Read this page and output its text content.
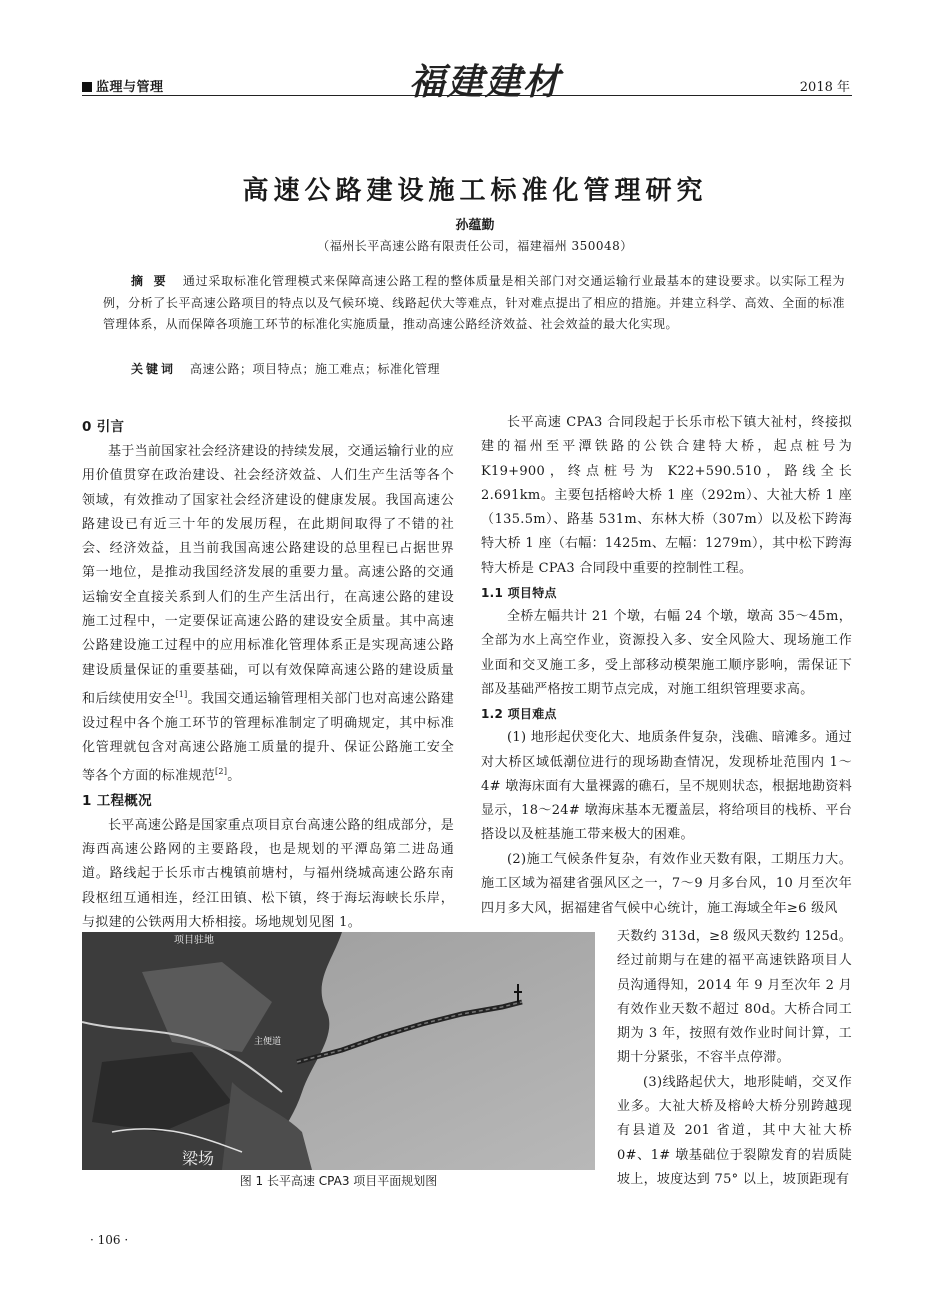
监理与管理	福建建材	2018 年
高速公路建设施工标准化管理研究
孙蕴勤
（福州长平高速公路有限责任公司，福建福州 350048）
摘 要 通过采取标准化管理模式来保障高速公路工程的整体质量是相关部门对交通运输行业最基本的建设要求。以实际工程为例，分析了长平高速公路项目的特点以及气候环境、线路起伏大等难点，针对难点提出了相应的措施。并建立科学、高效、全面的标准管理体系，从而保障各项施工环节的标准化实施质量，推动高速公路经济效益、社会效益的最大化实现。
关键词 高速公路；项目特点；施工难点；标准化管理
0 引言

基于当前国家社会经济建设的持续发展，交通运输行业的应用价值贯穿在政治建设、社会经济效益、人们生产生活等各个领域，有效推动了国家社会经济建设的健康发展。我国高速公路建设已有近三十年的发展历程，在此期间取得了不错的社会、经济效益，且当前我国高速公路建设的总里程已占据世界第一地位，是推动我国经济发展的重要力量。高速公路的交通运输安全直接关系到人们的生产生活出行，在高速公路的建设施工过程中，一定要保证高速公路的建设安全质量。其中高速公路建设施工过程中的应用标准化管理体系正是实现高速公路建设质量保证的重要基础，可以有效保障高速公路的建设质量和后续使用安全[1]。我国交通运输管理相关部门也对高速公路建设过程中各个施工环节的管理标准制定了明确规定，其中标准化管理就包含对高速公路施工质量的提升、保证公路施工安全等各个方面的标准规范[2]。

1 工程概况

长平高速公路是国家重点项目京台高速公路的组成部分，是海西高速公路网的主要路段，也是规划的平潭岛第二进岛通道。路线起于长乐市古槐镇前塘村，与福州绕城高速公路东南段枢纽互通相连，经江田镇、松下镇，终于海坛海峡长乐岸，与拟建的公铁两用大桥相接。场地规划见图 1。

长平高速 CPA3 合同段起于长乐市松下镇大祉村，终接拟建的福州至平潭铁路的公铁合建特大桥，起点桩号为 K19+900，终点桩号为 K22+590.510，路线全长 2.691km。主要包括榕岭大桥 1 座（292m）、大祉大桥 1 座（135.5m）、路基 531m、东林大桥（307m）以及松下跨海特大桥 1 座（右幅：1425m、左幅：1279m），其中松下跨海特大桥是 CPA3 合同段中重要的控制性工程。

1.1 项目特点

全桥左幅共计 21 个墩，右幅 24 个墩，墩高 35～45m，全部为水上高空作业，资源投入多、安全风险大、现场施工作业面和交叉施工多，受上部移动模架施工顺序影响，需保证下部及基础严格按工期节点完成，对施工组织管理要求高。

1.2 项目难点

(1) 地形起伏变化大、地质条件复杂，浅礁、暗滩多。通过对大桥区域低潮位进行的现场勘查情况，发现桥址范围内 1～4# 墩海床面有大量裸露的礁石，呈不规则状态，根据地勘资料显示，18～24# 墩海床基本无覆盖层，将给项目的栈桥、平台搭设以及桩基施工带来极大的困难。

(2)施工气候条件复杂，有效作业天数有限，工期压力大。施工区域为福建省强风区之一，7～9 月多台风，10 月至次年四月多大风，据福建省气候中心统计，施工海域全年≥6 级风

天数约 313d，≥8 级风天数约 125d。经过前期与在建的福平高速铁路项目人员沟通得知，2014 年 9 月至次年 2 月有效作业天数不超过 80d。大桥合同工期为 3 年，按照有效作业时间计算，工期十分紧张，不容半点停滞。

(3)线路起伏大，地形陡峭，交叉作业多。大祉大桥及榕岭大桥分别跨越现有县道及 201 省道，其中大祉大桥 0#、1# 墩基础位于裂隙发育的岩质陡坡上，坡度达到 75° 以上，坡顶距现有

项目驻地
主便道
梁场
图 1 长平高速 CPA3 项目平面规划图
· 106 ·
